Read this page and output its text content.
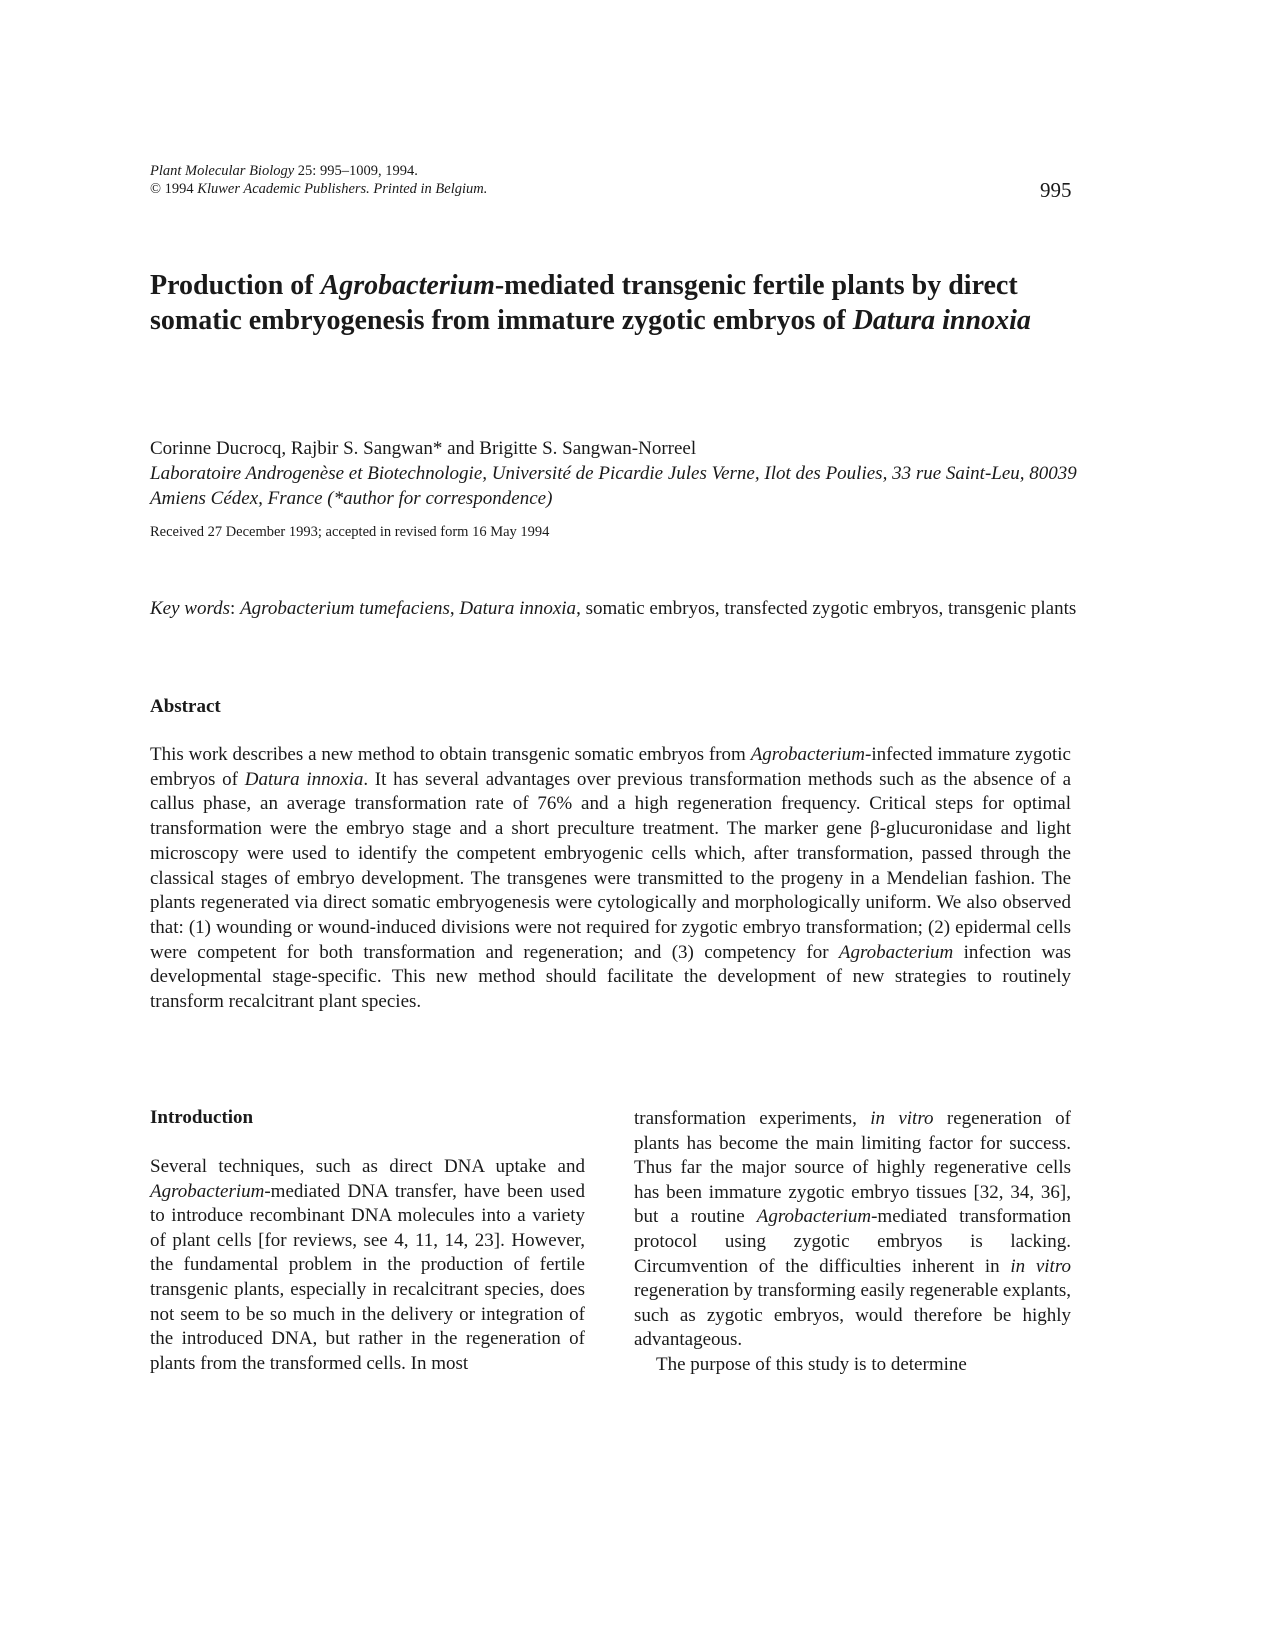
Plant Molecular Biology 25: 995–1009, 1994.
© 1994 Kluwer Academic Publishers. Printed in Belgium.	995
Production of Agrobacterium-mediated transgenic fertile plants by direct somatic embryogenesis from immature zygotic embryos of Datura innoxia
Corinne Ducrocq, Rajbir S. Sangwan* and Brigitte S. Sangwan-Norreel
Laboratoire Androgenèse et Biotechnologie, Université de Picardie Jules Verne, Ilot des Poulies, 33 rue Saint-Leu, 80039 Amiens Cédex, France (*author for correspondence)
Received 27 December 1993; accepted in revised form 16 May 1994
Key words: Agrobacterium tumefaciens, Datura innoxia, somatic embryos, transfected zygotic embryos, transgenic plants
Abstract

This work describes a new method to obtain transgenic somatic embryos from Agrobacterium-infected immature zygotic embryos of Datura innoxia. It has several advantages over previous transformation methods such as the absence of a callus phase, an average transformation rate of 76% and a high regeneration frequency. Critical steps for optimal transformation were the embryo stage and a short preculture treatment. The marker gene β-glucuronidase and light microscopy were used to identify the competent embryogenic cells which, after transformation, passed through the classical stages of embryo development. The transgenes were transmitted to the progeny in a Mendelian fashion. The plants regenerated via direct somatic embryogenesis were cytologically and morphologically uniform. We also observed that: (1) wounding or wound-induced divisions were not required for zygotic embryo transformation; (2) epidermal cells were competent for both transformation and regeneration; and (3) competency for Agrobacterium infection was developmental stage-specific. This new method should facilitate the development of new strategies to routinely transform recalcitrant plant species.

Introduction

Several techniques, such as direct DNA uptake and Agrobacterium-mediated DNA transfer, have been used to introduce recombinant DNA molecules into a variety of plant cells [for reviews, see 4, 11, 14, 23]. However, the fundamental problem in the production of fertile transgenic plants, especially in recalcitrant species, does not seem to be so much in the delivery or integration of the introduced DNA, but rather in the regeneration of plants from the transformed cells. In most

transformation experiments, in vitro regeneration of plants has become the main limiting factor for success. Thus far the major source of highly regenerative cells has been immature zygotic embryo tissues [32, 34, 36], but a routine Agrobacterium-mediated transformation protocol using zygotic embryos is lacking. Circumvention of the difficulties inherent in in vitro regeneration by transforming easily regenerable explants, such as zygotic embryos, would therefore be highly advantageous.

The purpose of this study is to determine
